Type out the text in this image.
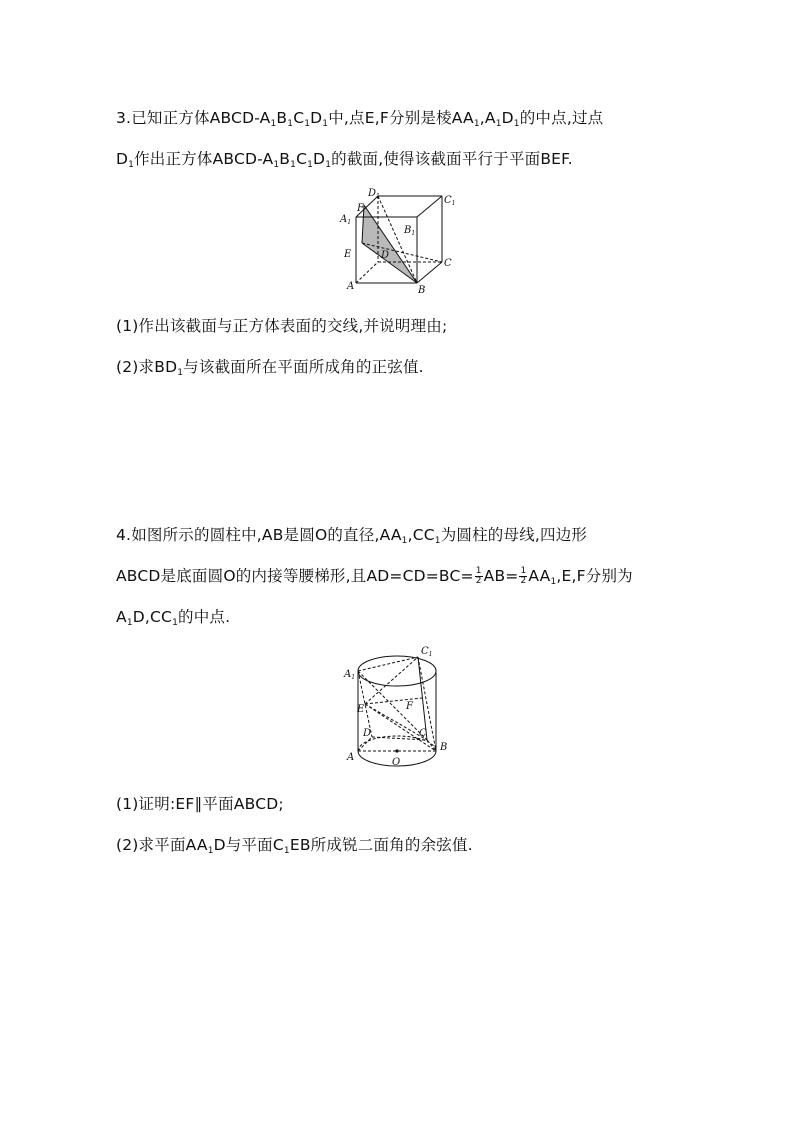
3.已知正方体ABCD-$A_1B_1C_1D_1$中,点E,F分别是棱$AA_1,A_1D_1$的中点,过点
$D_1$作出正方体ABCD-$A_1B_1C_1D_1$的截面,使得该截面平行于平面BEF.
$D_1$	$C_1$
$A_1$
F
$B_1$
E	D
C
A	B
(1)作出该截面与正方体表面的交线,并说明理由;
(2)求$BD_1$与该截面所在平面所成角的正弦值.
4.如图所示的圆柱中,AB是圆O的直径$,AA_1,CC_1$为圆柱的母线,四边形
ABCD是底面圆O的内接等腰梯形,且$AD=CD=BC= \frac{1}{2} AB= \frac{1}{2} AA_1,E,F$分别为
$A_1D,CC_1$的中点.
$C_1$
$A_1$
E	F
D	C
A
B
O
(1)证明:EF∥平面ABCD;
(2)求平面$AA_1D$与平面$C_1EB$所成锐二面角的余弦值.
